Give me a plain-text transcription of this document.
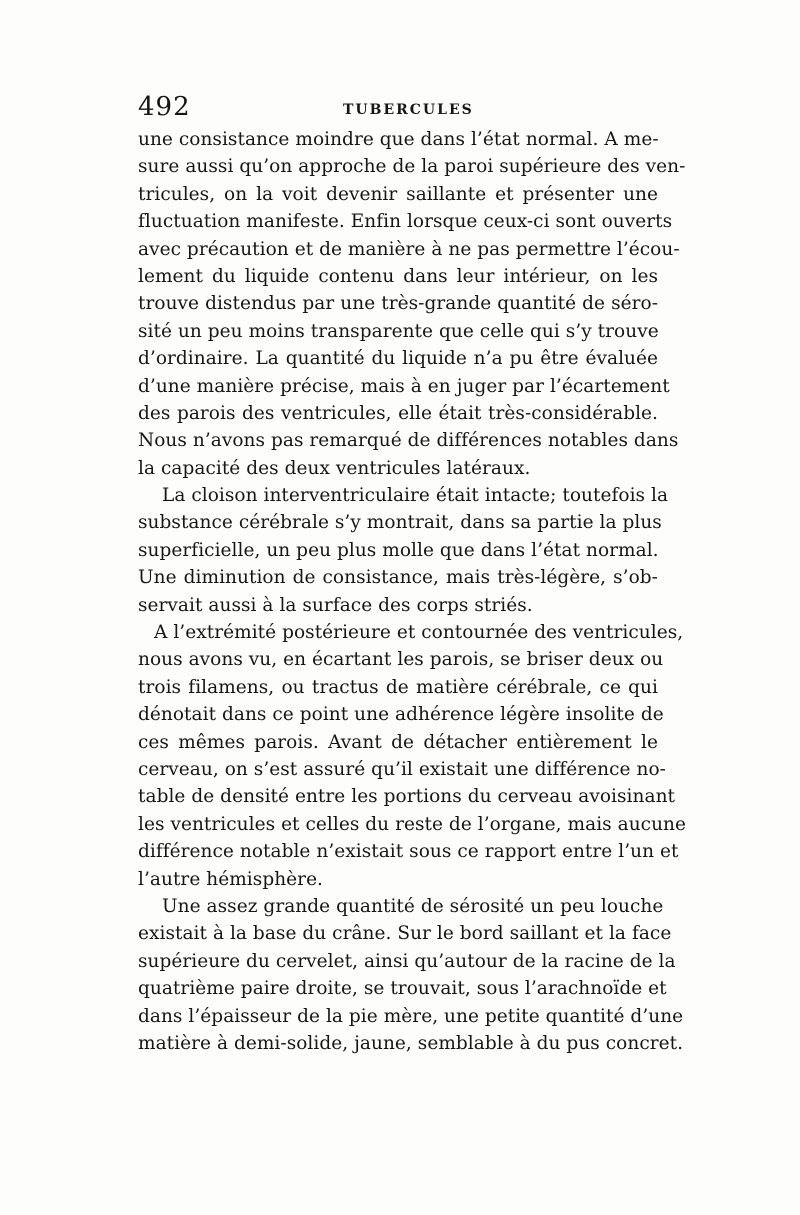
492	TUBERCULES
une consistance moindre que dans l’état normal. A me-
sure aussi qu’on approche de la paroi supérieure des ven-
tricules, on la voit devenir saillante et présenter une
fluctuation manifeste. Enfin lorsque ceux-ci sont ouverts
avec précaution et de manière à ne pas permettre l’écou-
lement du liquide contenu dans leur intérieur, on les
trouve distendus par une très-grande quantité de séro-
sité un peu moins transparente que celle qui s’y trouve
d’ordinaire. La quantité du liquide n’a pu être évaluée
d’une manière précise, mais à en juger par l’écartement
des parois des ventricules, elle était très-considérable.
Nous n’avons pas remarqué de différences notables dans
la capacité des deux ventricules latéraux.
La cloison interventriculaire était intacte; toutefois la
substance cérébrale s’y montrait, dans sa partie la plus
superficielle, un peu plus molle que dans l’état normal.
Une diminution de consistance, mais très-légère, s’ob-
servait aussi à la surface des corps striés.
A l’extrémité postérieure et contournée des ventricules,
nous avons vu, en écartant les parois, se briser deux ou
trois filamens, ou tractus de matière cérébrale, ce qui
dénotait dans ce point une adhérence légère insolite de
ces mêmes parois. Avant de détacher entièrement le
cerveau, on s’est assuré qu’il existait une différence no-
table de densité entre les portions du cerveau avoisinant
les ventricules et celles du reste de l’organe, mais aucune
différence notable n’existait sous ce rapport entre l’un et
l’autre hémisphère.
Une assez grande quantité de sérosité un peu louche
existait à la base du crâne. Sur le bord saillant et la face
supérieure du cervelet, ainsi qu’autour de la racine de la
quatrième paire droite, se trouvait, sous l’arachnoïde et
dans l’épaisseur de la pie mère, une petite quantité d’une
matière à demi-solide, jaune, semblable à du pus concret.
